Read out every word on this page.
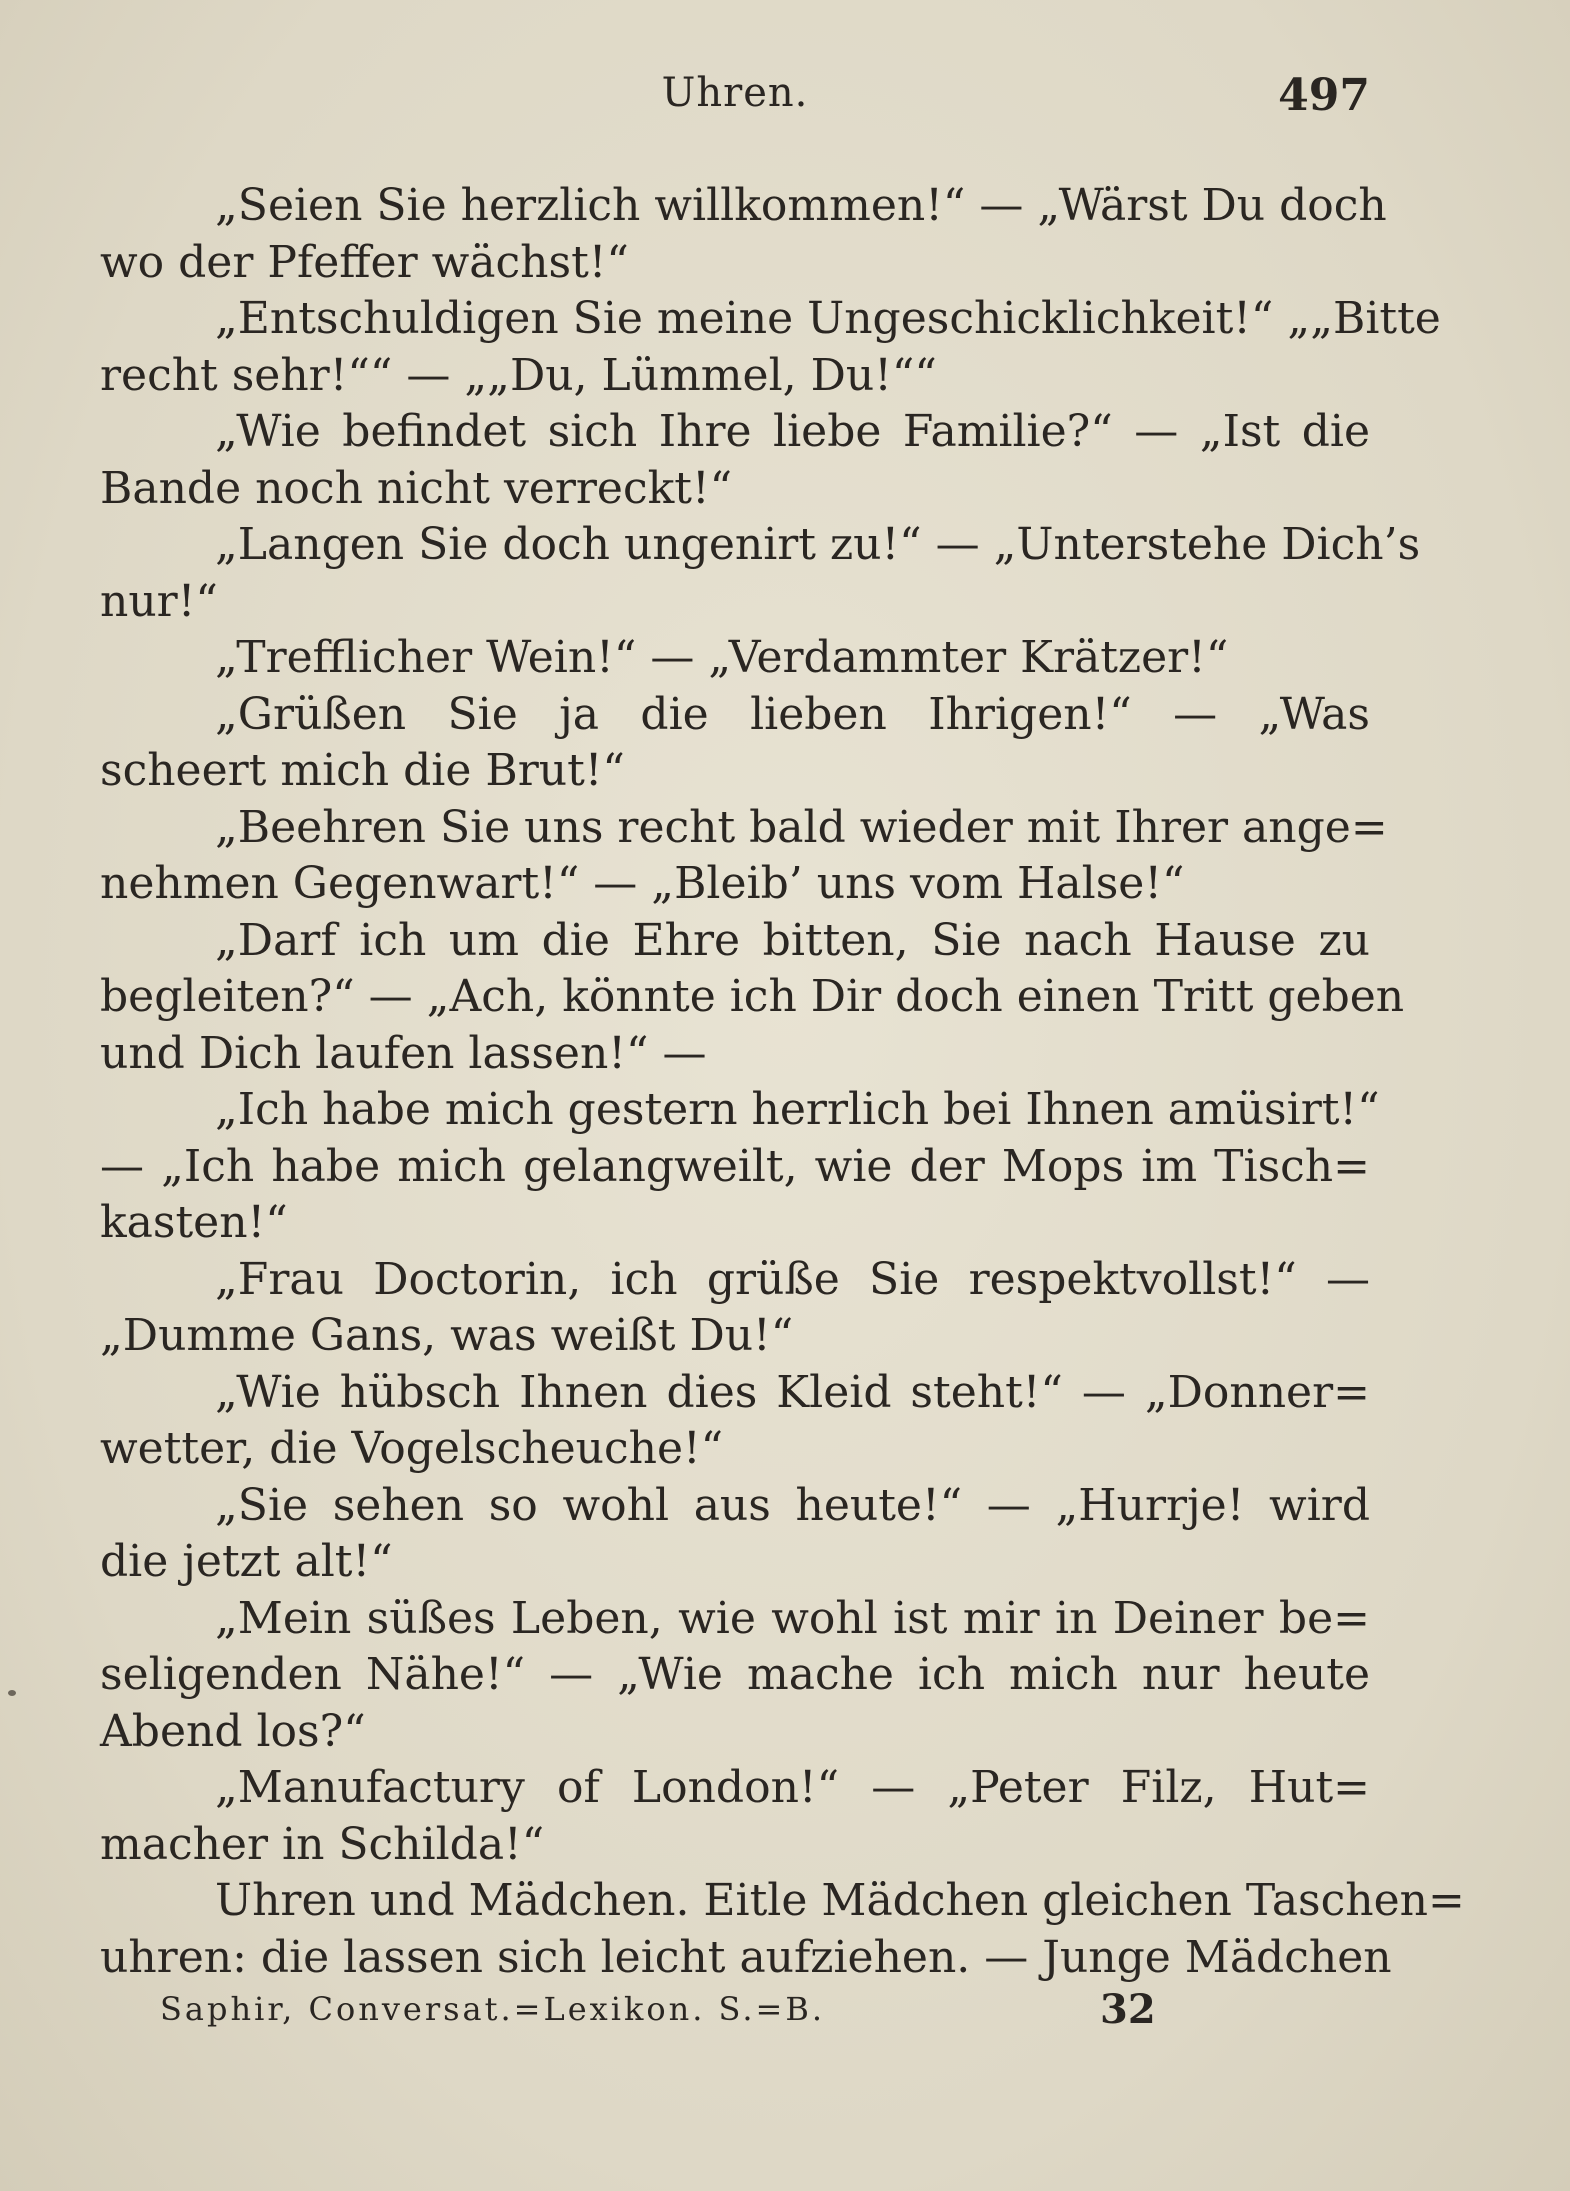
Uhren.	497
„Seien Sie herzlich willkommen!“ — „Wärst Du doch
wo der Pfeffer wächst!“
„Entschuldigen Sie meine Ungeschicklichkeit!“ „„Bitte
recht sehr!““ — „„Du, Lümmel, Du!““
„Wie befindet sich Ihre liebe Familie?“ — „Ist die
Bande noch nicht verreckt!“
„Langen Sie doch ungenirt zu!“ — „Unterstehe Dich’s
nur!“
„Trefflicher Wein!“ — „Verdammter Krätzer!“
„Grüßen Sie ja die lieben Ihrigen!“ — „Was
scheert mich die Brut!“
„Beehren Sie uns recht bald wieder mit Ihrer ange=
nehmen Gegenwart!“ — „Bleib’ uns vom Halse!“
„Darf ich um die Ehre bitten, Sie nach Hause zu
begleiten?“ — „Ach, könnte ich Dir doch einen Tritt geben
und Dich laufen lassen!“ —
„Ich habe mich gestern herrlich bei Ihnen amüsirt!“
— „Ich habe mich gelangweilt, wie der Mops im Tisch=
kasten!“
„Frau Doctorin, ich grüße Sie respektvollst!“ —
„Dumme Gans, was weißt Du!“
„Wie hübsch Ihnen dies Kleid steht!“ — „Donner=
wetter, die Vogelscheuche!“
„Sie sehen so wohl aus heute!“ — „Hurrje! wird
die jetzt alt!“
„Mein süßes Leben, wie wohl ist mir in Deiner be=
seligenden Nähe!“ — „Wie mache ich mich nur heute
Abend los?“
„Manufactury of London!“ — „Peter Filz, Hut=
macher in Schilda!“
Uhren und Mädchen. Eitle Mädchen gleichen Taschen=
uhren: die lassen sich leicht aufziehen. — Junge Mädchen
Saphir, Conversat.=Lexikon. S.=B.	32
